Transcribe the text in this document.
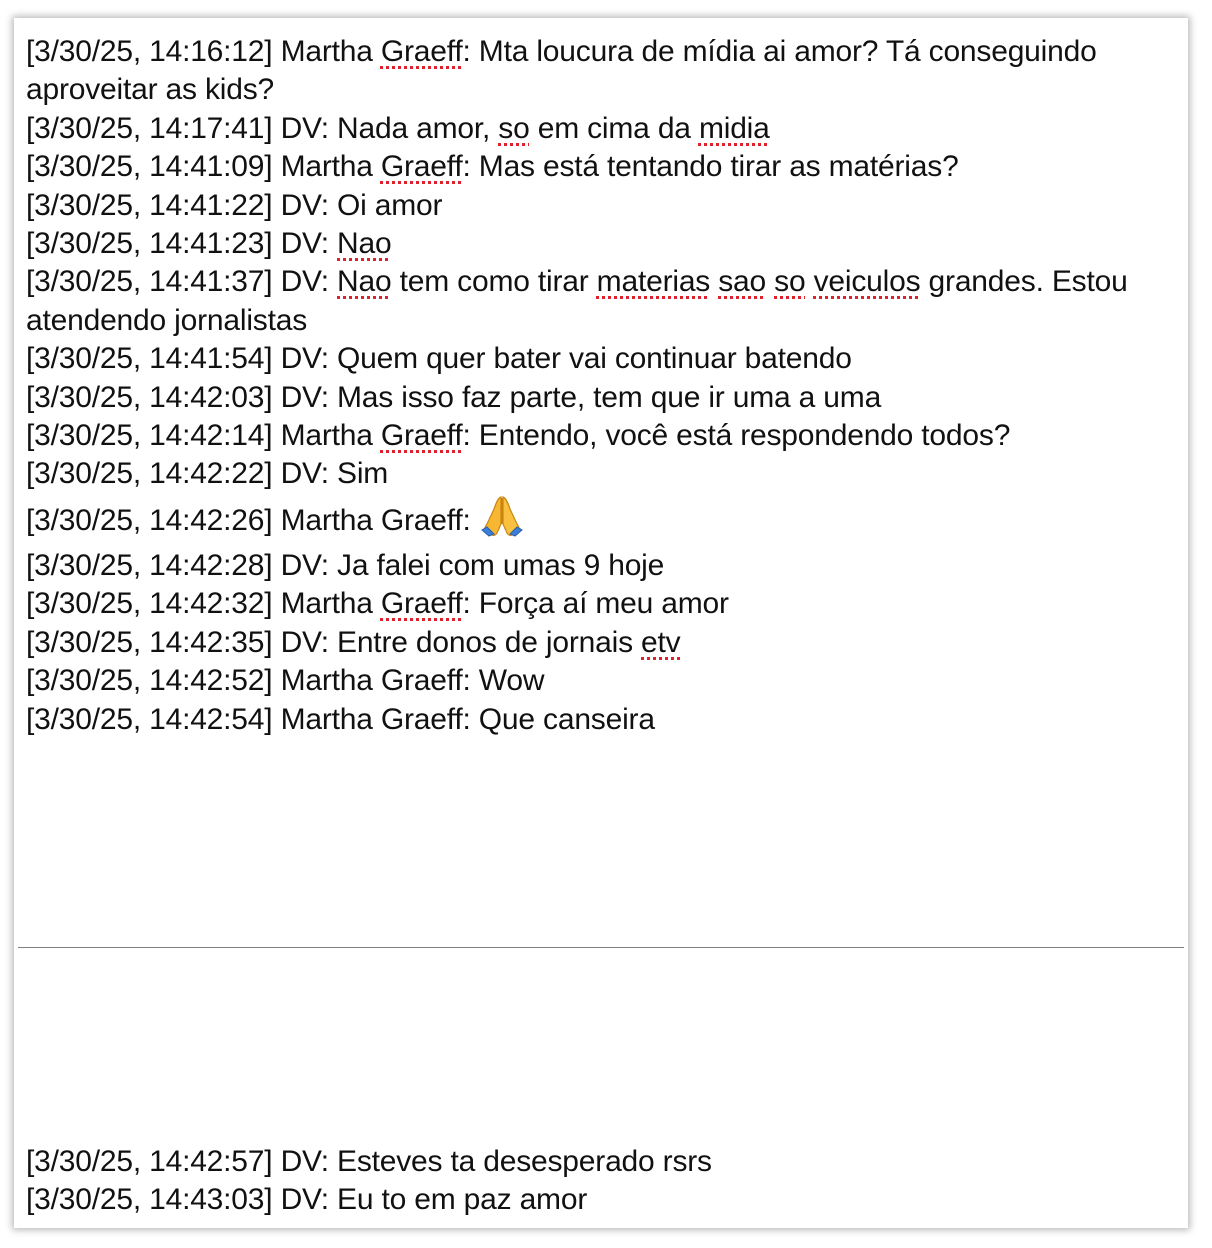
[3/30/25, 14:16:12] Martha Graeff: Mta loucura de mídia ai amor? Tá conseguindo aproveitar as kids?
[3/30/25, 14:17:41] DV: Nada amor, so em cima da midia
[3/30/25, 14:41:09] Martha Graeff: Mas está tentando tirar as matérias?
[3/30/25, 14:41:22] DV: Oi amor
[3/30/25, 14:41:23] DV: Nao
[3/30/25, 14:41:37] DV: Nao tem como tirar materias sao so veiculos grandes. Estou atendendo jornalistas
[3/30/25, 14:41:54] DV: Quem quer bater vai continuar batendo
[3/30/25, 14:42:03] DV: Mas isso faz parte, tem que ir uma a uma
[3/30/25, 14:42:14] Martha Graeff: Entendo, você está respondendo todos?
[3/30/25, 14:42:22] DV: Sim
[3/30/25, 14:42:26] Martha Graeff:
[3/30/25, 14:42:28] DV: Ja falei com umas 9 hoje
[3/30/25, 14:42:32] Martha Graeff: Força aí meu amor
[3/30/25, 14:42:35] DV: Entre donos de jornais etv
[3/30/25, 14:42:52] Martha Graeff: Wow
[3/30/25, 14:42:54] Martha Graeff: Que canseira
[3/30/25, 14:42:57] DV: Esteves ta desesperado rsrs
[3/30/25, 14:43:03] DV: Eu to em paz amor
